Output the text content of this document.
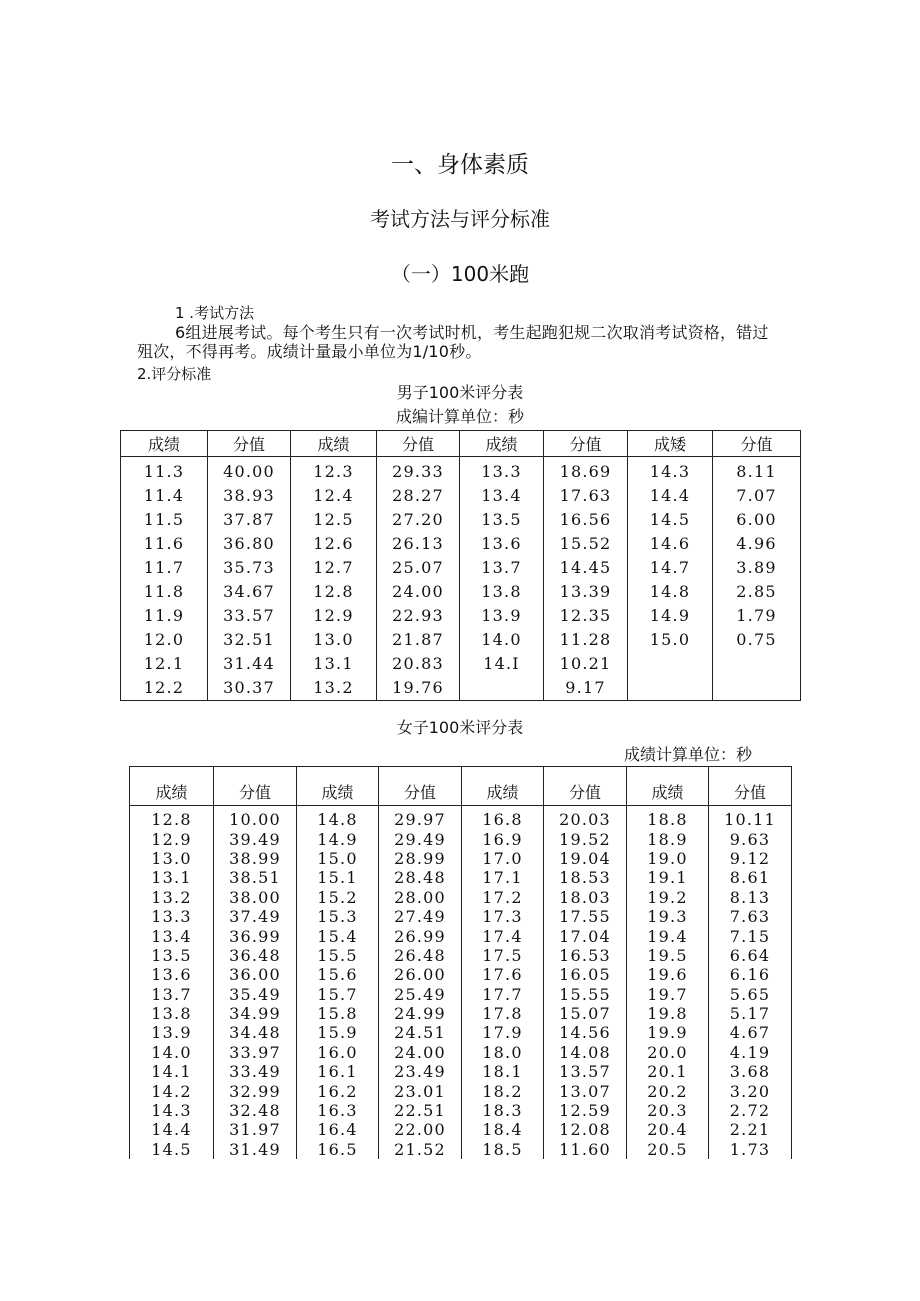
一、身体素质
考试方法与评分标准
（一）100米跑
1 .考试方法
6组进展考试。每个考生只有一次考试时机，考生起跑犯规二次取消考试资格，错过
殂次，不得再考。成绩计量最小单位为1/10秒。
2.评分标准
男子100米评分表
成编计算单位：秒
成绩	分值	成绩	分值	成绩	分值	成矮	分值
11.3	40.00	12.3	29.33	13.3	18.69	14.3	8.11
11.4	38.93	12.4	28.27	13.4	17.63	14.4	7.07
11.5	37.87	12.5	27.20	13.5	16.56	14.5	6.00
11.6	36.80	12.6	26.13	13.6	15.52	14.6	4.96
11.7	35.73	12.7	25.07	13.7	14.45	14.7	3.89
11.8	34.67	12.8	24.00	13.8	13.39	14.8	2.85
11.9	33.57	12.9	22.93	13.9	12.35	14.9	1.79
12.0	32.51	13.0	21.87	14.0	11.28	15.0	0.75
12.1	31.44	13.1	20.83	14.I	10.21		
12.2	30.37	13.2	19.76		9.17		
女子100米评分表
成绩计算单位：秒
成绩	分值	成绩	分值	成绩	分值	成绩	分值
12.8	10.00	14.8	29.97	16.8	20.03	18.8	10.11
12.9	39.49	14.9	29.49	16.9	19.52	18.9	9.63
13.0	38.99	15.0	28.99	17.0	19.04	19.0	9.12
13.1	38.51	15.1	28.48	17.1	18.53	19.1	8.61
13.2	38.00	15.2	28.00	17.2	18.03	19.2	8.13
13.3	37.49	15.3	27.49	17.3	17.55	19.3	7.63
13.4	36.99	15.4	26.99	17.4	17.04	19.4	7.15
13.5	36.48	15.5	26.48	17.5	16.53	19.5	6.64
13.6	36.00	15.6	26.00	17.6	16.05	19.6	6.16
13.7	35.49	15.7	25.49	17.7	15.55	19.7	5.65
13.8	34.99	15.8	24.99	17.8	15.07	19.8	5.17
13.9	34.48	15.9	24.51	17.9	14.56	19.9	4.67
14.0	33.97	16.0	24.00	18.0	14.08	20.0	4.19
14.1	33.49	16.1	23.49	18.1	13.57	20.1	3.68
14.2	32.99	16.2	23.01	18.2	13.07	20.2	3.20
14.3	32.48	16.3	22.51	18.3	12.59	20.3	2.72
14.4	31.97	16.4	22.00	18.4	12.08	20.4	2.21
14.5	31.49	16.5	21.52	18.5	11.60	20.5	1.73
